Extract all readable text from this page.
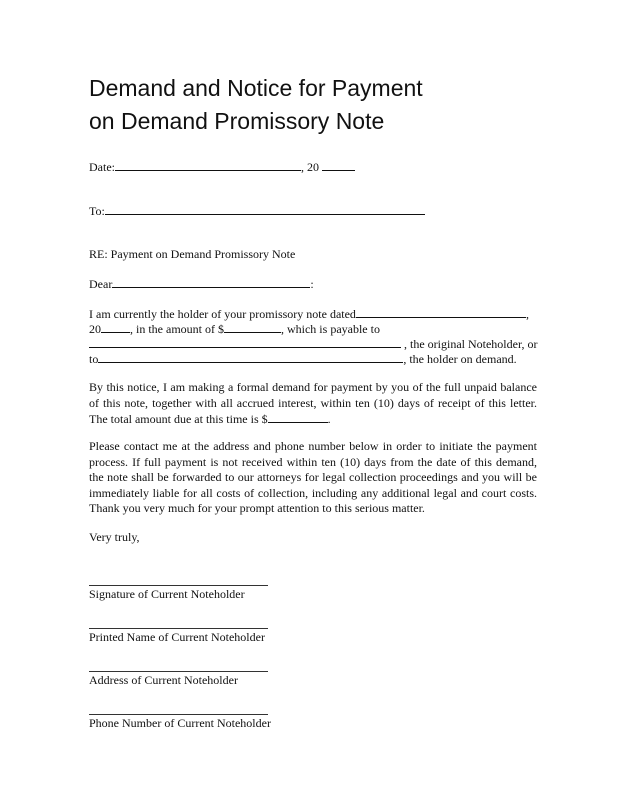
Demand and Notice for Payment
on Demand Promissory Note
Date:	, 20
To:
RE: Payment on Demand Promissory Note
Dear	:
I am currently the holder of your promissory note dated	,
20 , in the amount of $	, which is payable to
, the original Noteholder, or
to	, the holder on demand.
By this notice, I am making a formal demand for payment by you of the full unpaid balance of this note, together with all accrued interest, within ten (10) days of receipt of this letter. The total amount due at this time is $	.
Please contact me at the address and phone number below in order to initiate the payment process. If full payment is not received within ten (10) days from the date of this demand, the note shall be forwarded to our attorneys for legal collection proceedings and you will be immediately liable for all costs of collection, including any additional legal and court costs. Thank you very much for your prompt attention to this serious matter.
Very truly,
Signature of Current Noteholder
Printed Name of Current Noteholder
Address of Current Noteholder
Phone Number of Current Noteholder
